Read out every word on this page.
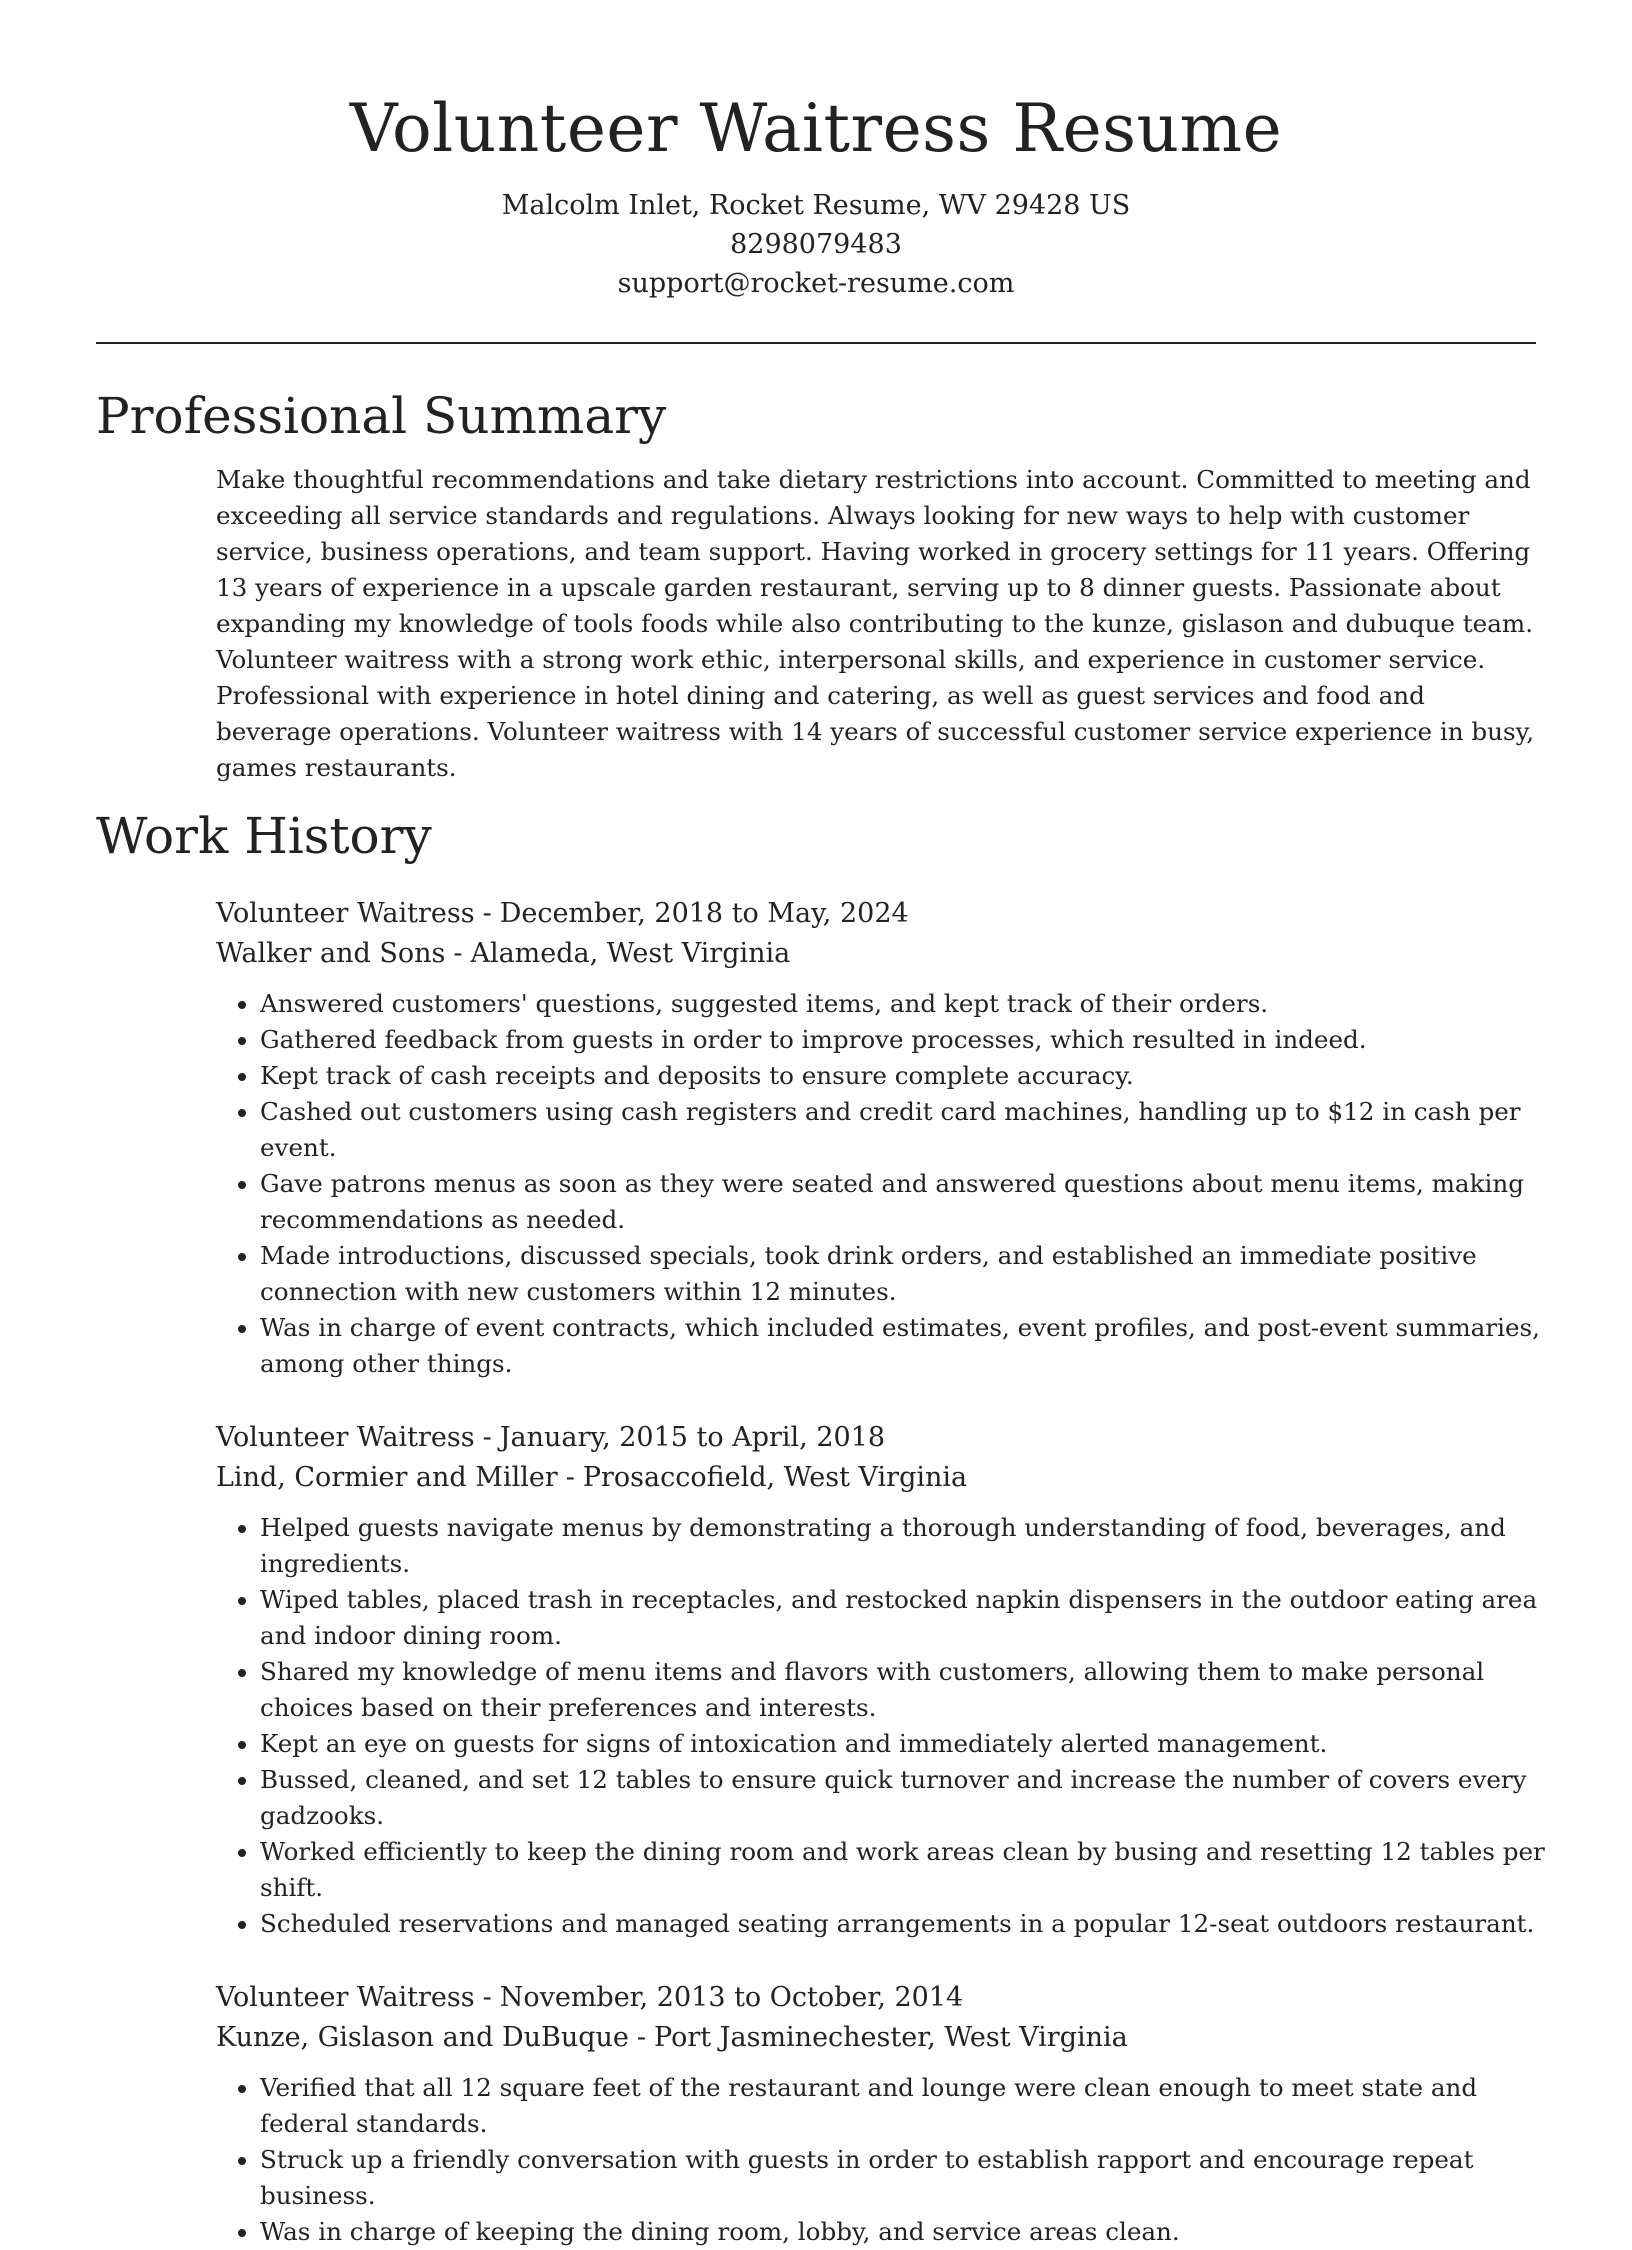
Volunteer Waitress Resume

Malcolm Inlet, Rocket Resume, WV 29428 US

8298079483

support@rocket-resume.com

Professional Summary

Make thoughtful recommendations and take dietary restrictions into account. Committed to meeting and exceeding all service standards and regulations. Always looking for new ways to help with customer service, business operations, and team support. Having worked in grocery settings for 11 years. Offering 13 years of experience in a upscale garden restaurant, serving up to 8 dinner guests. Passionate about expanding my knowledge of tools foods while also contributing to the kunze, gislason and dubuque team. Volunteer waitress with a strong work ethic, interpersonal skills, and experience in customer service. Professional with experience in hotel dining and catering, as well as guest services and food and beverage operations. Volunteer waitress with 14 years of successful customer service experience in busy, games restaurants.

Work History

Volunteer Waitress - December, 2018 to May, 2024

Walker and Sons - Alameda, West Virginia

• Answered customers' questions, suggested items, and kept track of their orders.
• Gathered feedback from guests in order to improve processes, which resulted in indeed.
• Kept track of cash receipts and deposits to ensure complete accuracy.
• Cashed out customers using cash registers and credit card machines, handling up to $12 in cash per event.
• Gave patrons menus as soon as they were seated and answered questions about menu items, making recommendations as needed.
• Made introductions, discussed specials, took drink orders, and established an immediate positive connection with new customers within 12 minutes.
• Was in charge of event contracts, which included estimates, event profiles, and post-event summaries, among other things.

Volunteer Waitress - January, 2015 to April, 2018

Lind, Cormier and Miller - Prosaccofield, West Virginia

• Helped guests navigate menus by demonstrating a thorough understanding of food, beverages, and ingredients.
• Wiped tables, placed trash in receptacles, and restocked napkin dispensers in the outdoor eating area and indoor dining room.
• Shared my knowledge of menu items and flavors with customers, allowing them to make personal choices based on their preferences and interests.
• Kept an eye on guests for signs of intoxication and immediately alerted management.
• Bussed, cleaned, and set 12 tables to ensure quick turnover and increase the number of covers every gadzooks.
• Worked efficiently to keep the dining room and work areas clean by busing and resetting 12 tables per shift.
• Scheduled reservations and managed seating arrangements in a popular 12-seat outdoors restaurant.

Volunteer Waitress - November, 2013 to October, 2014

Kunze, Gislason and DuBuque - Port Jasminechester, West Virginia

• Verified that all 12 square feet of the restaurant and lounge were clean enough to meet state and federal standards.
• Struck up a friendly conversation with guests in order to establish rapport and encourage repeat business.
• Was in charge of keeping the dining room, lobby, and service areas clean.
